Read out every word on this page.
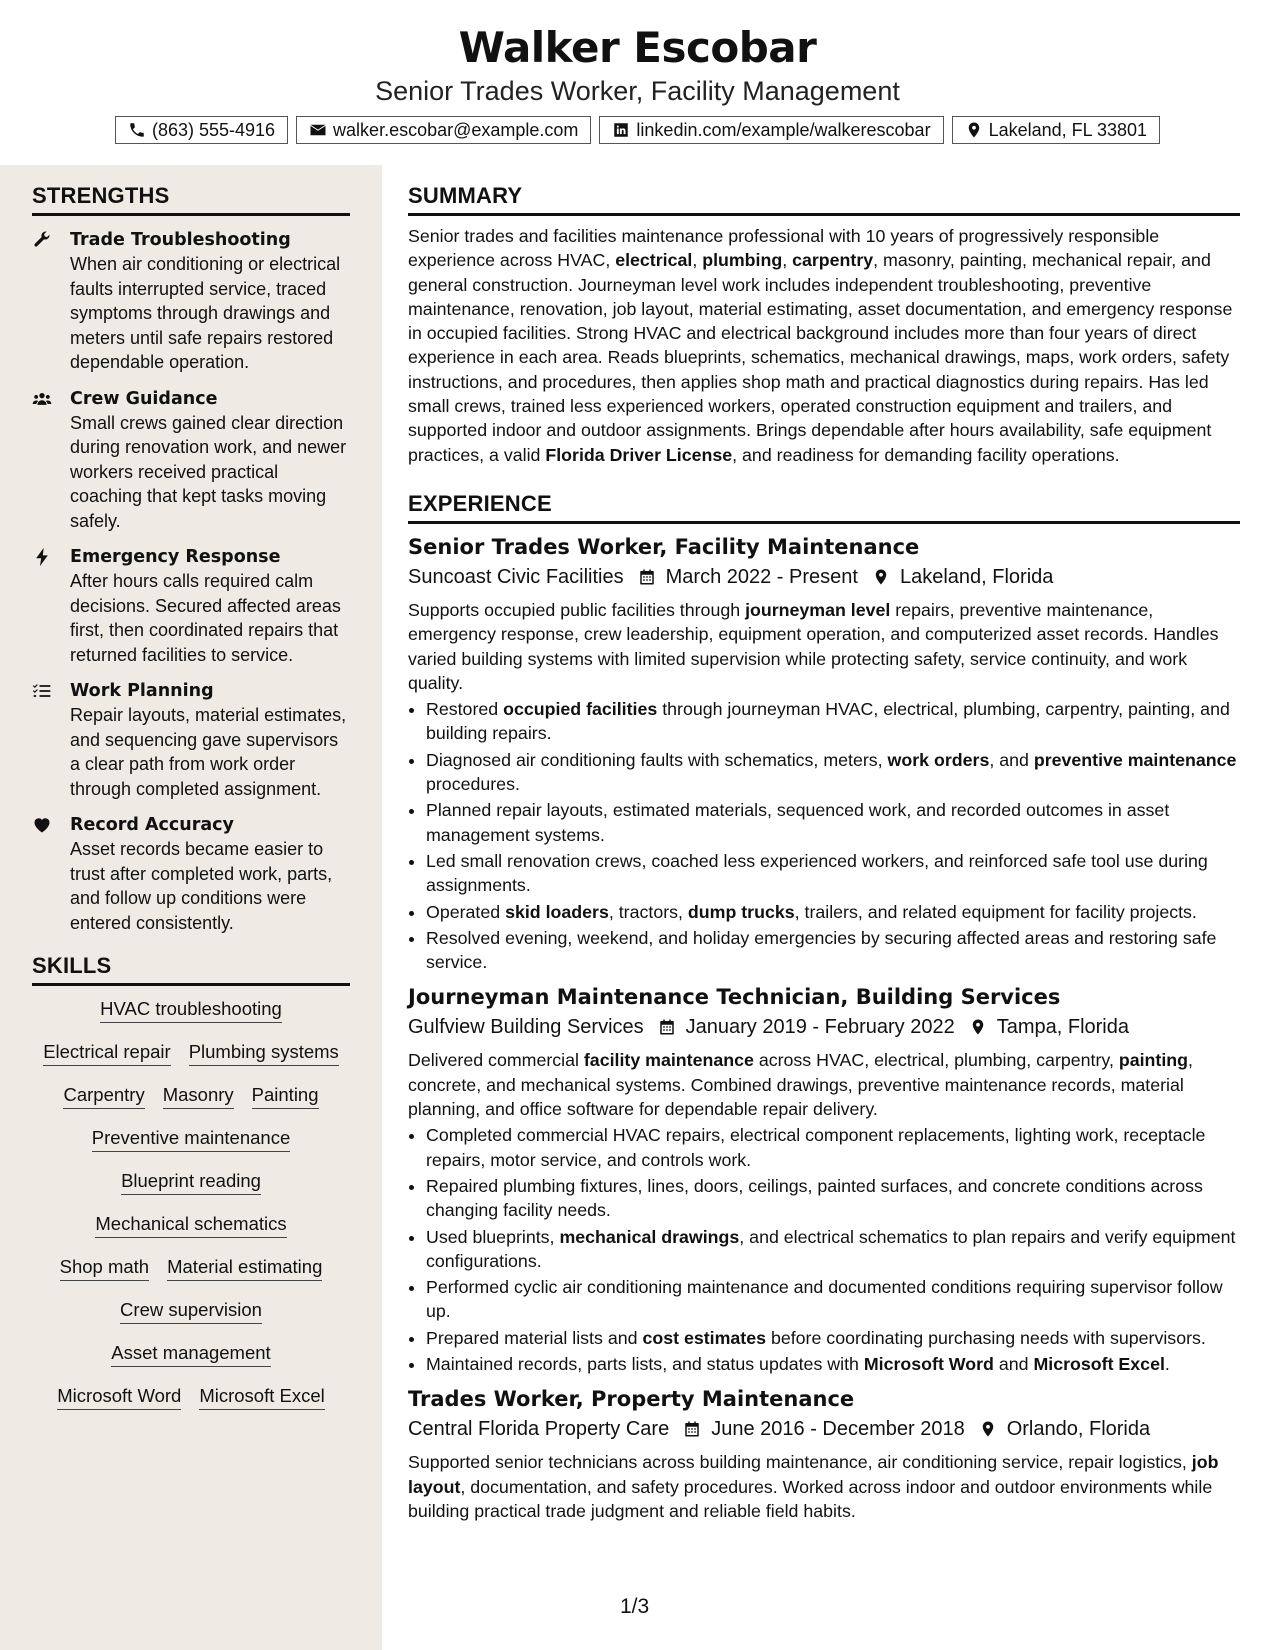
Walker Escobar
Senior Trades Worker, Facility Management
(863) 555-4916	walker.escobar@example.com	linkedin.com/example/walkerescobar	Lakeland, FL 33801
STRENGTHS
Trade Troubleshooting
When air conditioning or electrical faults interrupted service, traced symptoms through drawings and meters until safe repairs restored dependable operation.
Crew Guidance
Small crews gained clear direction during renovation work, and newer workers received practical coaching that kept tasks moving safely.
Emergency Response
After hours calls required calm decisions. Secured affected areas first, then coordinated repairs that returned facilities to service.
Work Planning
Repair layouts, material estimates, and sequencing gave supervisors a clear path from work order through completed assignment.
Record Accuracy
Asset records became easier to trust after completed work, parts, and follow up conditions were entered consistently.
SKILLS
HVAC troubleshooting
Electrical repair Plumbing systems
Carpentry Masonry Painting
Preventive maintenance
Blueprint reading
Mechanical schematics
Shop math Material estimating
Crew supervision
Asset management
Microsoft Word Microsoft Excel
SUMMARY
Senior trades and facilities maintenance professional with 10 years of progressively responsible experience across HVAC, electrical, plumbing, carpentry, masonry, painting, mechanical repair, and general construction. Journeyman level work includes independent troubleshooting, preventive maintenance, renovation, job layout, material estimating, asset documentation, and emergency response in occupied facilities. Strong HVAC and electrical background includes more than four years of direct experience in each area. Reads blueprints, schematics, mechanical drawings, maps, work orders, safety instructions, and procedures, then applies shop math and practical diagnostics during repairs. Has led small crews, trained less experienced workers, operated construction equipment and trailers, and supported indoor and outdoor assignments. Brings dependable after hours availability, safe equipment practices, a valid Florida Driver License, and readiness for demanding facility operations.
EXPERIENCE
Senior Trades Worker, Facility Maintenance
Suncoast Civic Facilities March 2022 - Present Lakeland, Florida
Supports occupied public facilities through journeyman level repairs, preventive maintenance, emergency response, crew leadership, equipment operation, and computerized asset records. Handles varied building systems with limited supervision while protecting safety, service continuity, and work quality.
• Restored occupied facilities through journeyman HVAC, electrical, plumbing, carpentry, painting, and building repairs.
• Diagnosed air conditioning faults with schematics, meters, work orders, and preventive maintenance procedures.
• Planned repair layouts, estimated materials, sequenced work, and recorded outcomes in asset management systems.
• Led small renovation crews, coached less experienced workers, and reinforced safe tool use during assignments.
• Operated skid loaders, tractors, dump trucks, trailers, and related equipment for facility projects.
• Resolved evening, weekend, and holiday emergencies by securing affected areas and restoring safe service.
Journeyman Maintenance Technician, Building Services
Gulfview Building Services January 2019 - February 2022 Tampa, Florida
Delivered commercial facility maintenance across HVAC, electrical, plumbing, carpentry, painting, concrete, and mechanical systems. Combined drawings, preventive maintenance records, material planning, and office software for dependable repair delivery.
• Completed commercial HVAC repairs, electrical component replacements, lighting work, receptacle repairs, motor service, and controls work.
• Repaired plumbing fixtures, lines, doors, ceilings, painted surfaces, and concrete conditions across changing facility needs.
• Used blueprints, mechanical drawings, and electrical schematics to plan repairs and verify equipment configurations.
• Performed cyclic air conditioning maintenance and documented conditions requiring supervisor follow up.
• Prepared material lists and cost estimates before coordinating purchasing needs with supervisors.
• Maintained records, parts lists, and status updates with Microsoft Word and Microsoft Excel.
Trades Worker, Property Maintenance
Central Florida Property Care June 2016 - December 2018 Orlando, Florida
Supported senior technicians across building maintenance, air conditioning service, repair logistics, job layout, documentation, and safety procedures. Worked across indoor and outdoor environments while building practical trade judgment and reliable field habits.
1/3
